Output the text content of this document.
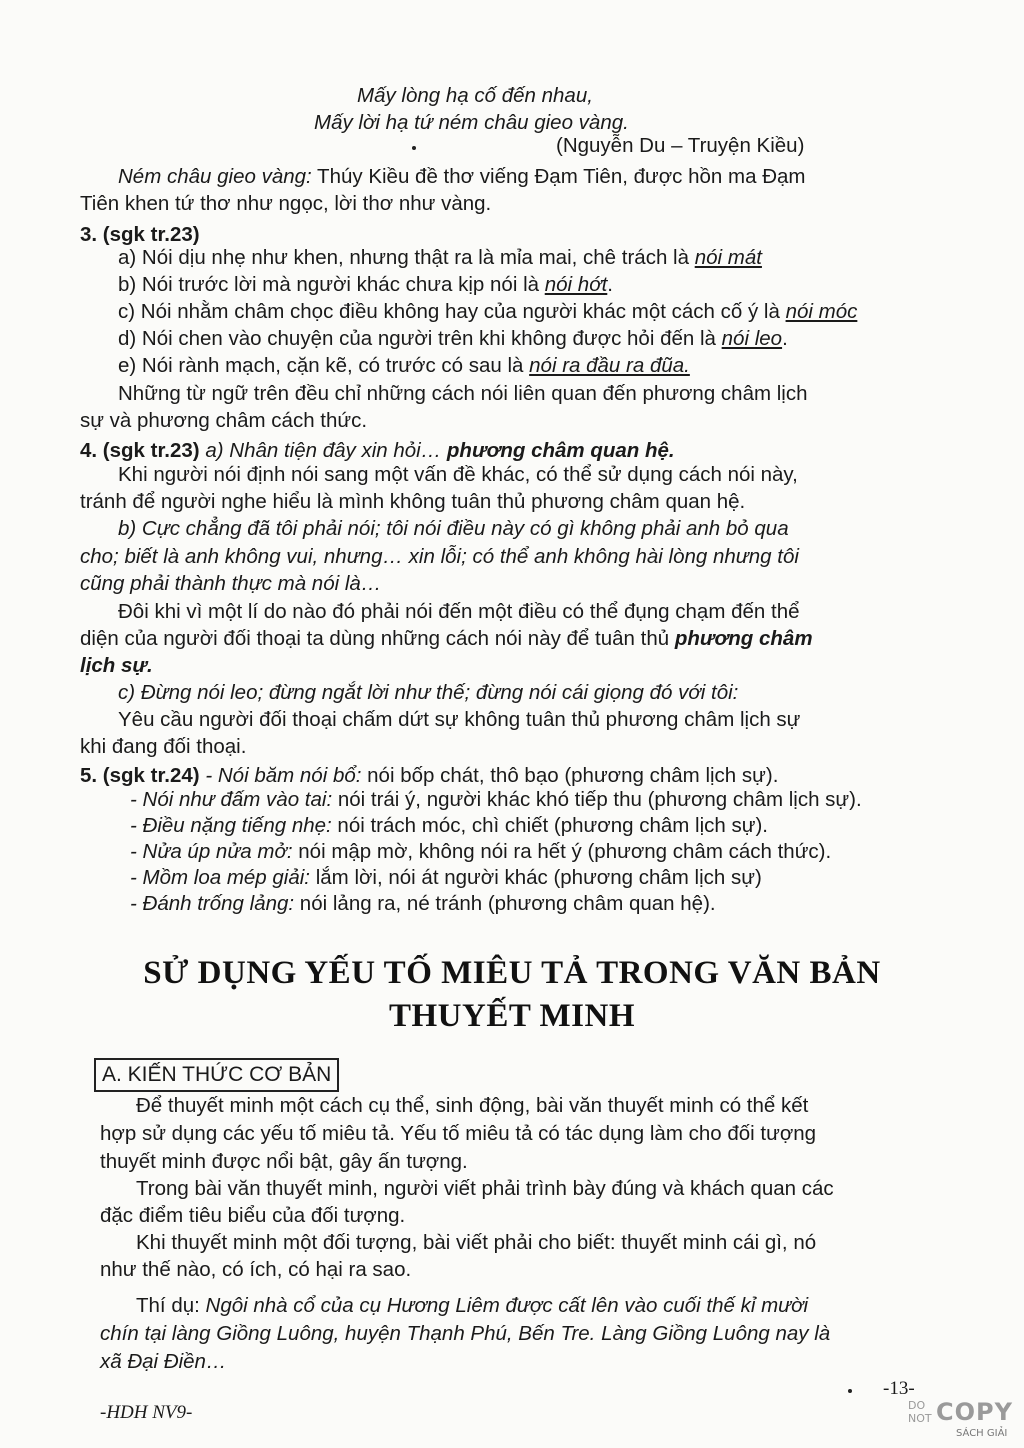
Mấy lòng hạ cố đến nhau,
Mấy lời hạ tứ ném châu gieo vàng.
(Nguyễn Du – Truyện Kiều)
Ném châu gieo vàng: Thúy Kiều đề thơ viếng Đạm Tiên, được hồn ma Đạm
Tiên khen tứ thơ như ngọc, lời thơ như vàng.
3. (sgk tr.23)
a) Nói dịu nhẹ như khen, nhưng thật ra là mỉa mai, chê trách là nói mát
b) Nói trước lời mà người khác chưa kịp nói là nói hớt.
c) Nói nhằm châm chọc điều không hay của người khác một cách cố ý là nói móc
d) Nói chen vào chuyện của người trên khi không được hỏi đến là nói leo.
e) Nói rành mạch, cặn kẽ, có trước có sau là nói ra đầu ra đũa.
Những từ ngữ trên đều chỉ những cách nói liên quan đến phương châm lịch
sự và phương châm cách thức.
4. (sgk tr.23) a) Nhân tiện đây xin hỏi… phương châm quan hệ.
Khi người nói định nói sang một vấn đề khác, có thể sử dụng cách nói này,
tránh để người nghe hiểu là mình không tuân thủ phương châm quan hệ.
b) Cực chẳng đã tôi phải nói; tôi nói điều này có gì không phải anh bỏ qua
cho; biết là anh không vui, nhưng… xin lỗi; có thể anh không hài lòng nhưng tôi
cũng phải thành thực mà nói là…
Đôi khi vì một lí do nào đó phải nói đến một điều có thể đụng chạm đến thể
diện của người đối thoại ta dùng những cách nói này để tuân thủ phương châm
lịch sự.
c) Đừng nói leo; đừng ngắt lời như thế; đừng nói cái giọng đó với tôi:
Yêu cầu người đối thoại chấm dứt sự không tuân thủ phương châm lịch sự
khi đang đối thoại.
5. (sgk tr.24) - Nói băm nói bổ: nói bốp chát, thô bạo (phương châm lịch sự).
- Nói như đấm vào tai: nói trái ý, người khác khó tiếp thu (phương châm lịch sự).
- Điều nặng tiếng nhẹ: nói trách móc, chì chiết (phương châm lịch sự).
- Nửa úp nửa mở: nói mập mờ, không nói ra hết ý (phương châm cách thức).
- Mồm loa mép giải: lắm lời, nói át người khác (phương châm lịch sự)
- Đánh trống lảng: nói lảng ra, né tránh (phương châm quan hệ).
SỬ DỤNG YẾU TỐ MIÊU TẢ TRONG VĂN BẢN
THUYẾT MINH
A. KIẾN THỨC CƠ BẢN
Để thuyết minh một cách cụ thể, sinh động, bài văn thuyết minh có thể kết
hợp sử dụng các yếu tố miêu tả. Yếu tố miêu tả có tác dụng làm cho đối tượng
thuyết minh được nổi bật, gây ấn tượng.
Trong bài văn thuyết minh, người viết phải trình bày đúng và khách quan các
đặc điểm tiêu biểu của đối tượng.
Khi thuyết minh một đối tượng, bài viết phải cho biết: thuyết minh cái gì, nó
như thế nào, có ích, có hại ra sao.
Thí dụ: Ngôi nhà cổ của cụ Hương Liêm được cất lên vào cuối thế kỉ mười
chín tại làng Giồng Luông, huyện Thạnh Phú, Bến Tre. Làng Giồng Luông nay là
xã Đại Điền…
-13-
-HDH NV9-	DO
NOT COPY
SÁCH GIẢI
